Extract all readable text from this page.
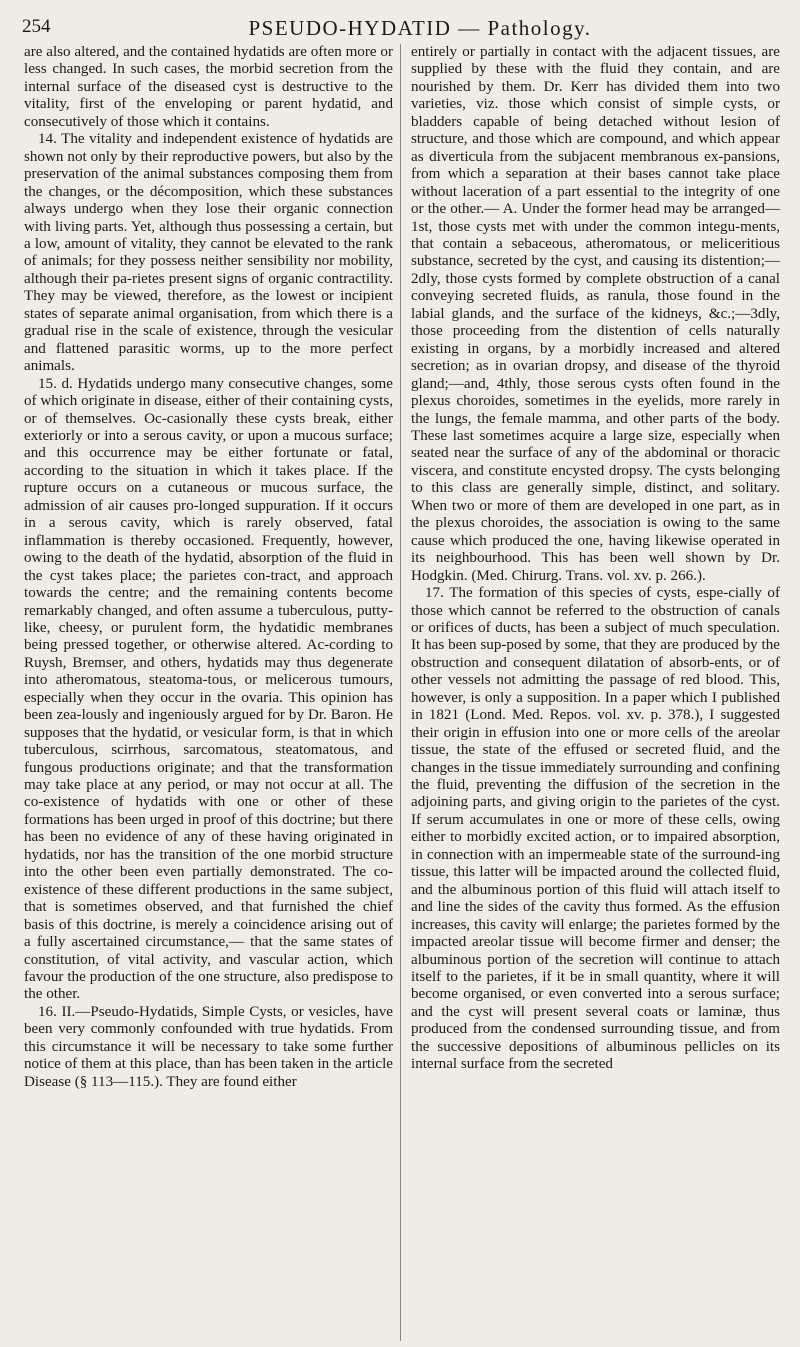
254	PSEUDO-HYDATID — Pathology.

are also altered, and the contained hydatids are often more or less changed. In such cases, the morbid secretion from the internal surface of the diseased cyst is destructive to the vitality, first of the enveloping or parent hydatid, and consecutively of those which it contains.

14. The vitality and independent existence of hydatids are shown not only by their reproductive powers, but also by the preservation of the animal substances composing them from the changes, or the décomposition, which these substances always undergo when they lose their organic connection with living parts. Yet, although thus possessing a certain, but a low, amount of vitality, they cannot be elevated to the rank of animals; for they possess neither sensibility nor mobility, although their pa-rietes present signs of organic contractility. They may be viewed, therefore, as the lowest or incipient states of separate animal organisation, from which there is a gradual rise in the scale of existence, through the vesicular and flattened parasitic worms, up to the more perfect animals.

15. d. Hydatids undergo many consecutive changes, some of which originate in disease, either of their containing cysts, or of themselves. Oc-casionally these cysts break, either exteriorly or into a serous cavity, or upon a mucous surface; and this occurrence may be either fortunate or fatal, according to the situation in which it takes place. If the rupture occurs on a cutaneous or mucous surface, the admission of air causes pro-longed suppuration. If it occurs in a serous cavity, which is rarely observed, fatal inflammation is thereby occasioned. Frequently, however, owing to the death of the hydatid, absorption of the fluid in the cyst takes place; the parietes con-tract, and approach towards the centre; and the remaining contents become remarkably changed, and often assume a tuberculous, putty-like, cheesy, or purulent form, the hydatidic membranes being pressed together, or otherwise altered. Ac-cording to Ruysh, Bremser, and others, hydatids may thus degenerate into atheromatous, steatoma-tous, or melicerous tumours, especially when they occur in the ovaria. This opinion has been zea-lously and ingeniously argued for by Dr. Baron. He supposes that the hydatid, or vesicular form, is that in which tuberculous, scirrhous, sarcomatous, steatomatous, and fungous productions originate; and that the transformation may take place at any period, or may not occur at all. The co-existence of hydatids with one or other of these formations has been urged in proof of this doctrine; but there has been no evidence of any of these having originated in hydatids, nor has the transition of the one morbid structure into the other been even partially demonstrated. The co-existence of these different productions in the same subject, that is sometimes observed, and that furnished the chief basis of this doctrine, is merely a coincidence arising out of a fully ascertained circumstance,— that the same states of constitution, of vital activity, and vascular action, which favour the production of the one structure, also predispose to the other.

16. II.—Pseudo-Hydatids, Simple Cysts, or vesicles, have been very commonly confounded with true hydatids. From this circumstance it will be necessary to take some further notice of them at this place, than has been taken in the article Disease (§ 113—115.). They are found either

entirely or partially in contact with the adjacent tissues, are supplied by these with the fluid they contain, and are nourished by them. Dr. Kerr has divided them into two varieties, viz. those which consist of simple cysts, or bladders capable of being detached without lesion of structure, and those which are compound, and which appear as diverticula from the subjacent membranous ex-pansions, from which a separation at their bases cannot take place without laceration of a part essential to the integrity of one or the other.— A. Under the former head may be arranged—1st, those cysts met with under the common integu-ments, that contain a sebaceous, atheromatous, or meliceritious substance, secreted by the cyst, and causing its distention;—2dly, those cysts formed by complete obstruction of a canal conveying secreted fluids, as ranula, those found in the labial glands, and the surface of the kidneys, &c.;—3dly, those proceeding from the distention of cells naturally existing in organs, by a morbidly increased and altered secretion; as in ovarian dropsy, and disease of the thyroid gland;—and, 4thly, those serous cysts often found in the plexus choroides, sometimes in the eyelids, more rarely in the lungs, the female mamma, and other parts of the body. These last sometimes acquire a large size, especially when seated near the surface of any of the abdominal or thoracic viscera, and constitute encysted dropsy. The cysts belonging to this class are generally simple, distinct, and solitary. When two or more of them are developed in one part, as in the plexus choroides, the association is owing to the same cause which produced the one, having likewise operated in its neighbourhood. This has been well shown by Dr. Hodgkin. (Med. Chirurg. Trans. vol. xv. p. 266.).

17. The formation of this species of cysts, espe-cially of those which cannot be referred to the obstruction of canals or orifices of ducts, has been a subject of much speculation. It has been sup-posed by some, that they are produced by the obstruction and consequent dilatation of absorb-ents, or of other vessels not admitting the passage of red blood. This, however, is only a supposition. In a paper which I published in 1821 (Lond. Med. Repos. vol. xv. p. 378.), I suggested their origin in effusion into one or more cells of the areolar tissue, the state of the effused or secreted fluid, and the changes in the tissue immediately surrounding and confining the fluid, preventing the diffusion of the secretion in the adjoining parts, and giving origin to the parietes of the cyst. If serum accumulates in one or more of these cells, owing either to morbidly excited action, or to impaired absorption, in connection with an impermeable state of the surround-ing tissue, this latter will be impacted around the collected fluid, and the albuminous portion of this fluid will attach itself to and line the sides of the cavity thus formed. As the effusion increases, this cavity will enlarge; the parietes formed by the impacted areolar tissue will become firmer and denser; the albuminous portion of the secretion will continue to attach itself to the parietes, if it be in small quantity, where it will become organised, or even converted into a serous surface; and the cyst will present several coats or laminæ, thus produced from the condensed surrounding tissue, and from the successive depositions of albuminous pellicles on its internal surface from the secreted
